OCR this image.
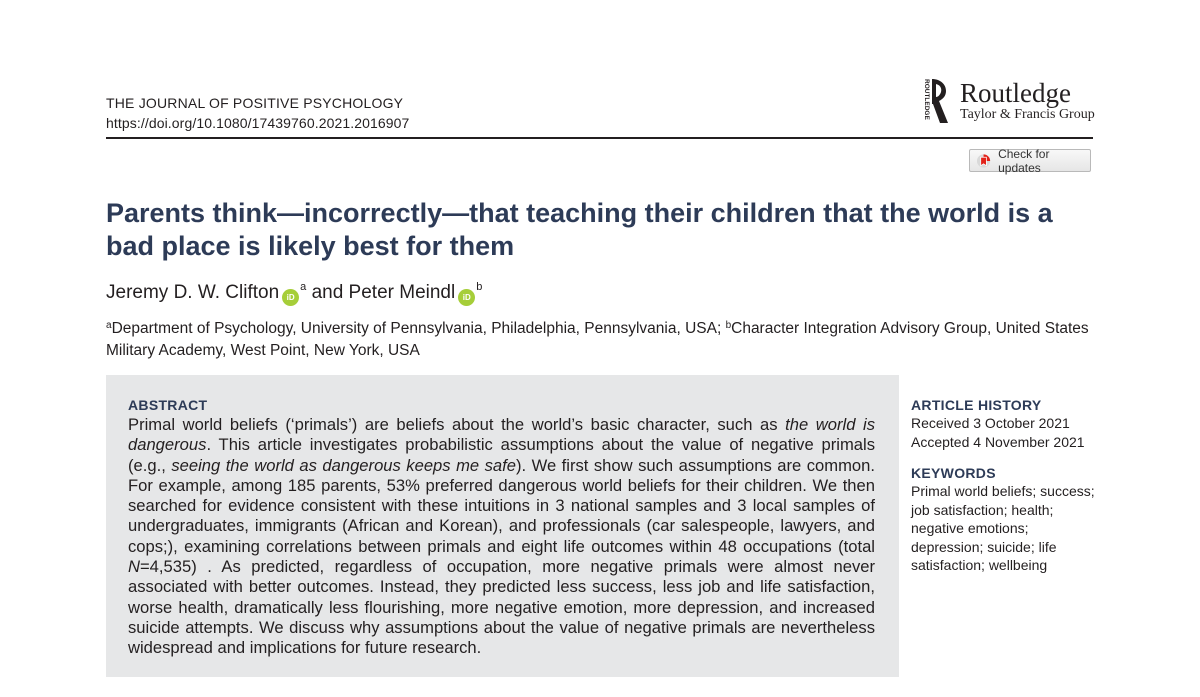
THE JOURNAL OF POSITIVE PSYCHOLOGY
https://doi.org/10.1080/17439760.2021.2016907
ROUTLEDGE Routledge
Taylor & Francis Group
Check for updates
Parents think—incorrectly—that teaching their children that the world is a bad place is likely best for them
Jeremy D. W. Clifton iD$^a$ and Peter Meindl iD$^b$
$^a$Department of Psychology, University of Pennsylvania, Philadelphia, Pennsylvania, USA; $^b$Character Integration Advisory Group, United States Military Academy, West Point, New York, USA
ABSTRACT

Primal world beliefs (‘primals’) are beliefs about the world’s basic character, such as the world is dangerous. This article investigates probabilistic assumptions about the value of negative primals (e.g., seeing the world as dangerous keeps me safe). We first show such assumptions are common. For example, among 185 parents, 53% preferred dangerous world beliefs for their children. We then searched for evidence consistent with these intuitions in 3 national samples and 3 local samples of undergraduates, immigrants (African and Korean), and professionals (car salespeople, lawyers, and cops;), examining correlations between primals and eight life outcomes within 48 occupations (total N=4,535) . As predicted, regardless of occupation, more negative primals were almost never associated with better outcomes. Instead, they predicted less success, less job and life satisfaction, worse health, dramatically less flourishing, more negative emotion, more depression, and increased suicide attempts. We discuss why assumptions about the value of negative primals are nevertheless widespread and implications for future research.

ARTICLE HISTORY
Received 3 October 2021
Accepted 4 November 2021
KEYWORDS
Primal world beliefs; success;
job satisfaction; health;
negative emotions;
depression; suicide; life
satisfaction; wellbeing
